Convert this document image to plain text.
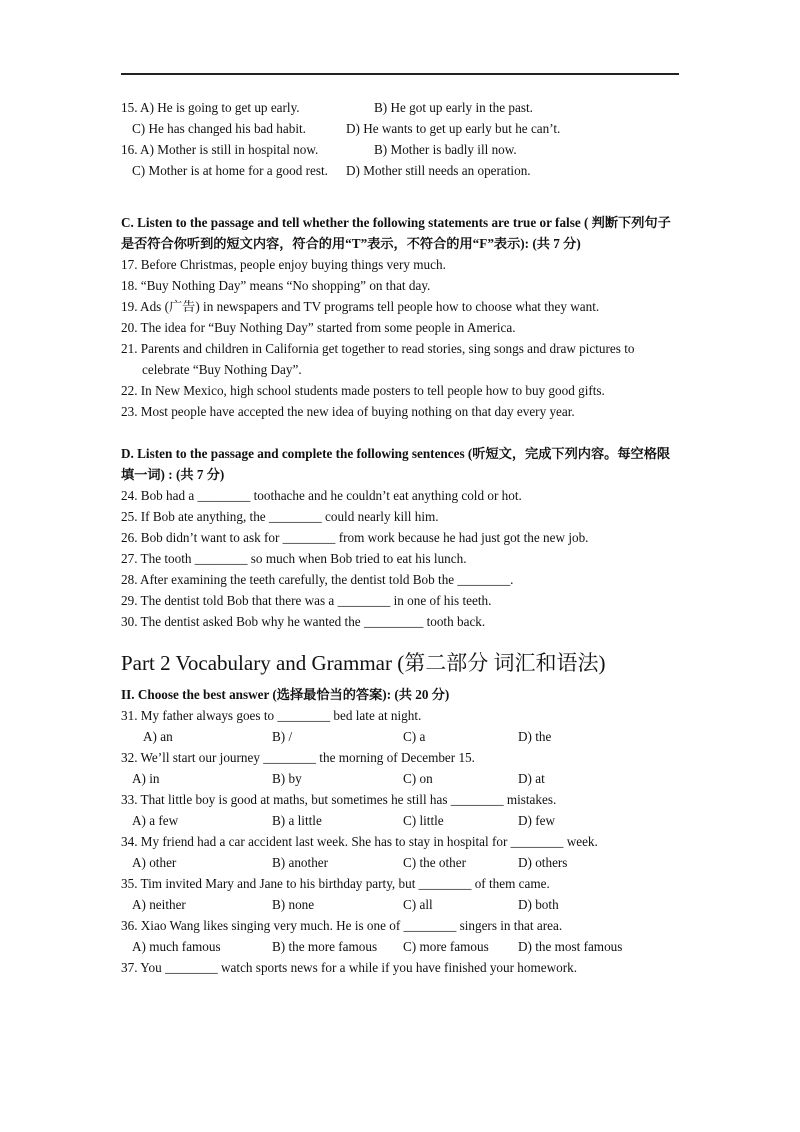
15. A) He is going to get up early.	B) He got up early in the past.
C) He has changed his bad habit.	D) He wants to get up early but he can’t.
16. A) Mother is still in hospital now.	B) Mother is badly ill now.
C) Mother is at home for a good rest. D) Mother still needs an operation.
C. Listen to the passage and tell whether the following statements are true or false ( 判断下列句子是否符合你听到的短文内容，符合的用“T”表示，不符合的用“F”表示): (共 7 分)
17. Before Christmas, people enjoy buying things very much.
18. “Buy Nothing Day” means “No shopping” on that day.
19. Ads (广告) in newspapers and TV programs tell people how to choose what they want.
20. The idea for “Buy Nothing Day” started from some people in America.
21. Parents and children in California get together to read stories, sing songs and draw pictures to
celebrate “Buy Nothing Day”.
22. In New Mexico, high school students made posters to tell people how to buy good gifts.
23. Most people have accepted the new idea of buying nothing on that day every year.
D. Listen to the passage and complete the following sentences (听短文，完成下列内容。每空格限填一词) : (共 7 分)
24. Bob had a ________ toothache and he couldn’t eat anything cold or hot.
25. If Bob ate anything, the ________ could nearly kill him.
26. Bob didn’t want to ask for ________ from work because he had just got the new job.
27. The tooth ________ so much when Bob tried to eat his lunch.
28. After examining the teeth carefully, the dentist told Bob the ________.
29. The dentist told Bob that there was a ________ in one of his teeth.
30. The dentist asked Bob why he wanted the _________ tooth back.
Part 2 Vocabulary and Grammar (第二部分 词汇和语法)
II. Choose the best answer (选择最恰当的答案): (共 20 分)
31. My father always goes to ________ bed late at night.
A) an	B) /	C) a	D) the
32. We’ll start our journey ________ the morning of December 15.
A) in	B) by	C) on	D) at
33. That little boy is good at maths, but sometimes he still has ________ mistakes.
A) a few	B) a little	C) little	D) few
34. My friend had a car accident last week. She has to stay in hospital for ________ week.
A) other	B) another	C) the other	D) others
35. Tim invited Mary and Jane to his birthday party, but ________ of them came.
A) neither	B) none	C) all	D) both
36. Xiao Wang likes singing very much. He is one of ________ singers in that area.
A) much famous	B) the more famous C) more famous D) the most famous
37. You ________ watch sports news for a while if you have finished your homework.
